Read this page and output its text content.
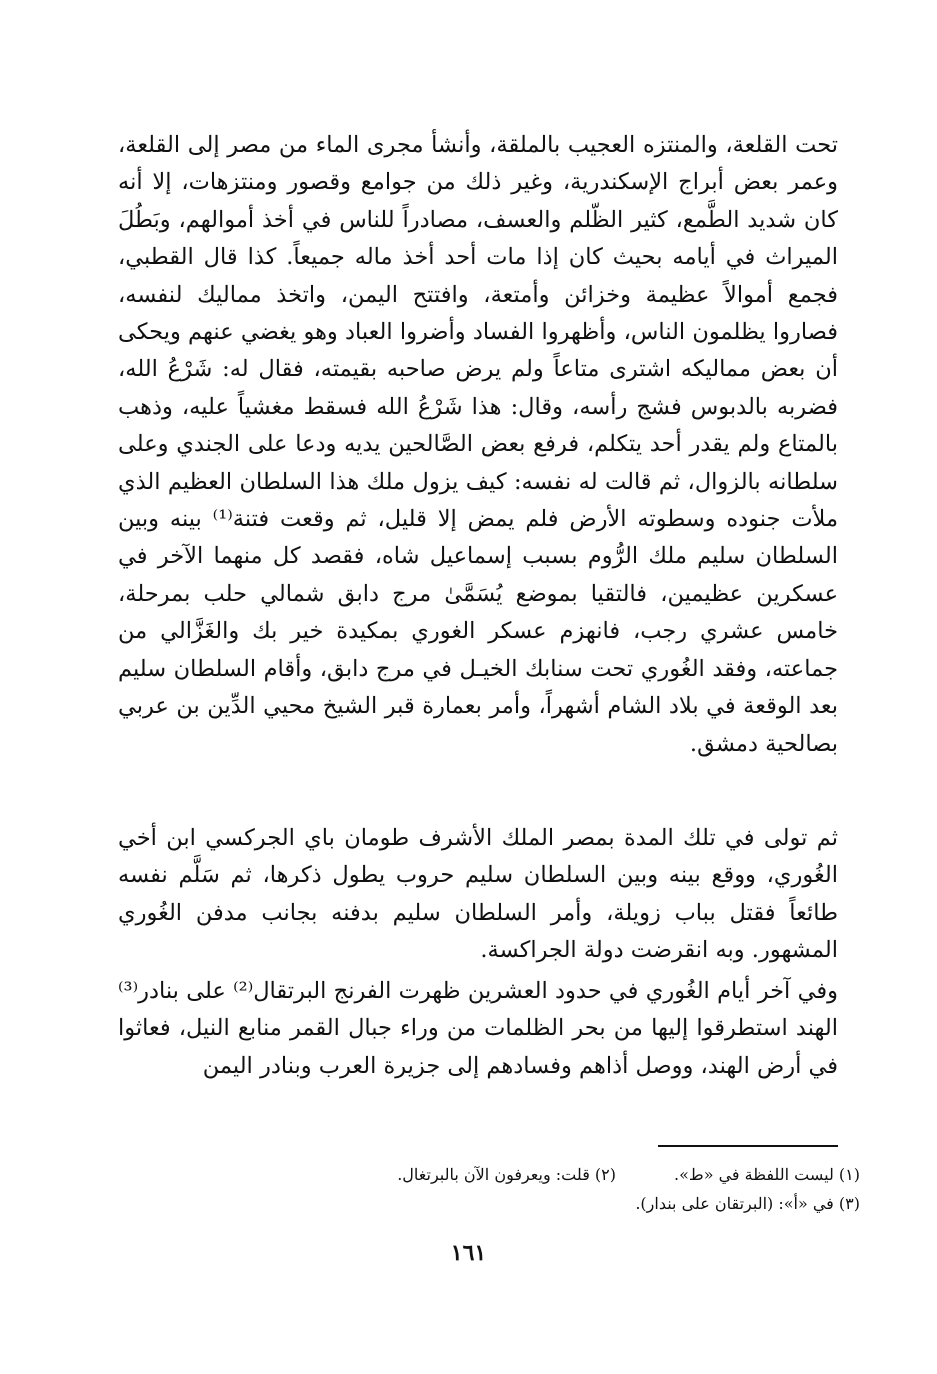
تحت القلعة، والمنتزه العجيب بالملقة، وأنشأ مجرى الماء من مصر إلى القلعة، وعمر بعض أبراج الإسكندرية، وغير ذلك من جوامع وقصور ومنتزهات، إلا أنه كان شديد الطَّمع، كثير الظّلم والعسف، مصادراً للناس في أخذ أموالهم، وبَطُلَ الميراث في أيامه بحيث كان إذا مات أحد أخذ ماله جميعاً. كذا قال القطبي، فجمع أموالاً عظيمة وخزائن وأمتعة، وافتتح اليمن، واتخذ مماليك لنفسه، فصاروا يظلمون الناس، وأظهروا الفساد وأضروا العباد وهو يغضي عنهم ويحكى أن بعض مماليكه اشترى متاعاً ولم يرض صاحبه بقيمته، فقال له: شَرْعُ الله، فضربه بالدبوس فشج رأسه، وقال: هذا شَرْعُ الله فسقط مغشياً عليه، وذهب بالمتاع ولم يقدر أحد يتكلم، فرفع بعض الصَّالحين يديه ودعا على الجندي وعلى سلطانه بالزوال، ثم قالت له نفسه: كيف يزول ملك هذا السلطان العظيم الذي ملأت جنوده وسطوته الأرض فلم يمض إلا قليل، ثم وقعت فتنة⁽¹⁾ بينه وبين السلطان سليم ملك الرُّوم بسبب إسماعيل شاه، فقصد كل منهما الآخر في عسكرين عظيمين، فالتقيا بموضع يُسَمَّىٰ مرج دابق شمالي حلب بمرحلة، خامس عشري رجب، فانهزم عسكر الغوري بمكيدة خير بك والغَزَّالي من جماعته، وفقد الغُوري تحت سنابك الخيـل في مرج دابق، وأقام السلطان سليم بعد الوقعة في بلاد الشام أشهراً، وأمر بعمارة قبر الشيخ محيي الدِّين بن عربي بصالحية دمشق.
ثم تولى في تلك المدة بمصر الملك الأشرف طومان باي الجركسي ابن أخي الغُوري، ووقع بينه وبين السلطان سليم حروب يطول ذكرها، ثم سَلَّم نفسه طائعاً فقتل بباب زويلة، وأمر السلطان سليم بدفنه بجانب مدفن الغُوري المشهور. وبه انقرضت دولة الجراكسة.
وفي آخر أيام الغُوري في حدود العشرين ظهرت الفرنج البرتقال⁽²⁾ على بنادر⁽³⁾ الهند استطرقوا إليها من بحر الظلمات من وراء جبال القمر منابع النيل، فعاثوا في أرض الهند، ووصل أذاهم وفسادهم إلى جزيرة العرب وبنادر اليمن
(١) ليست اللفظة في «ط».
(٢) قلت: ويعرفون الآن بالبرتغال.
(٣) في «أ»: (البرتقان على بندار).
١٦١
